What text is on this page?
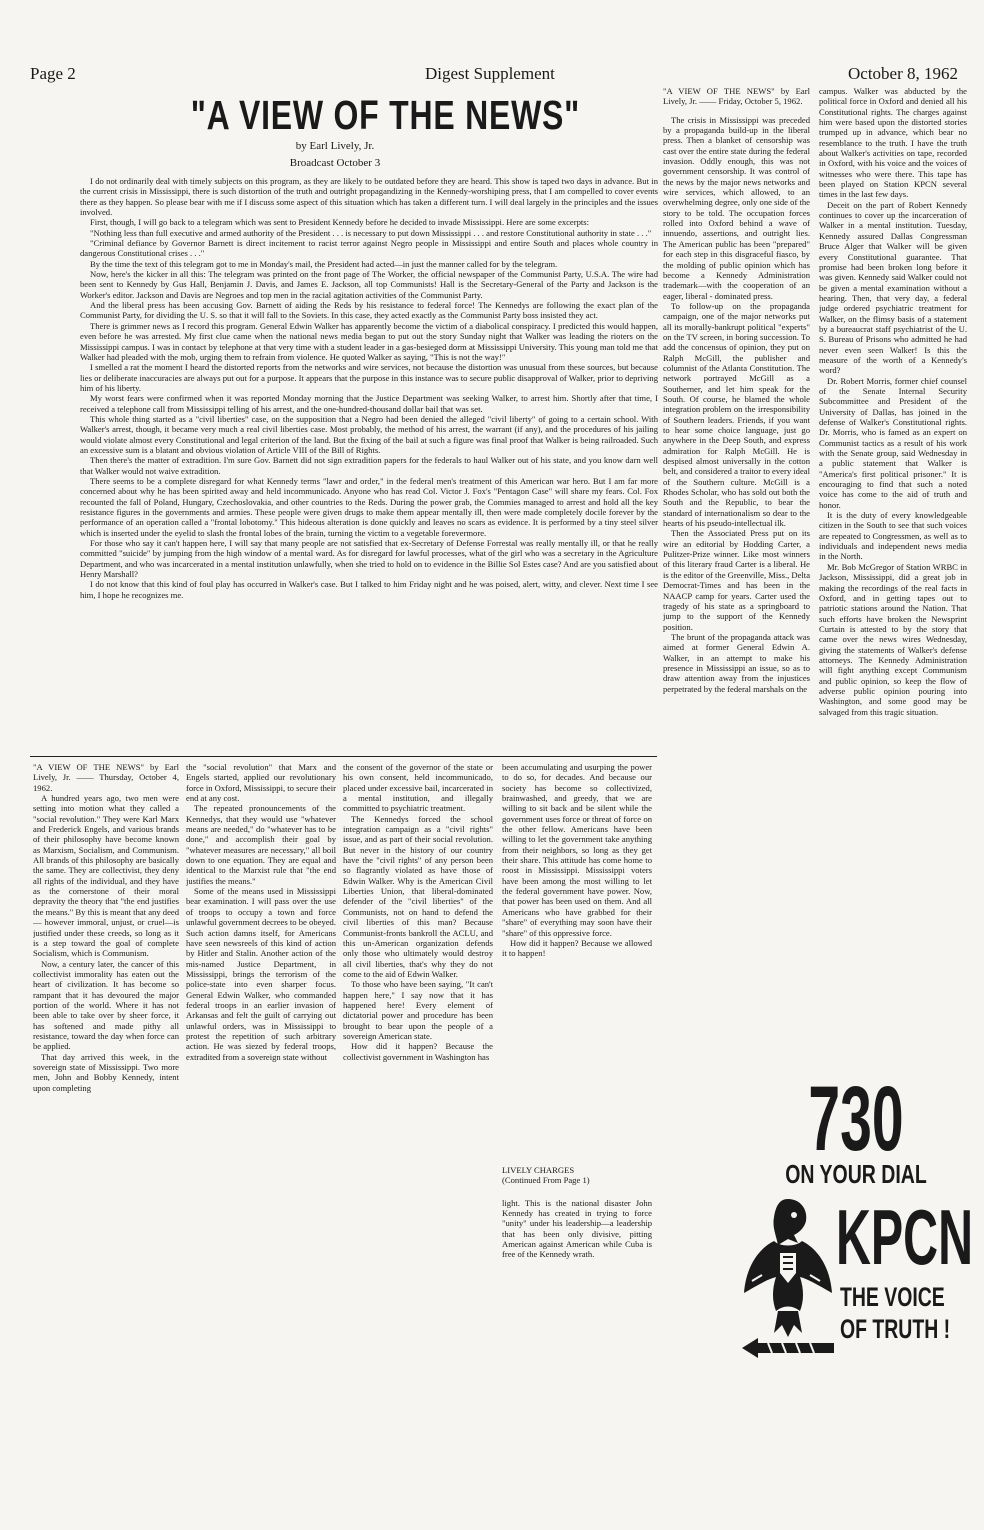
Page 2	Digest Supplement	October 8, 1962
"A VIEW OF THE NEWS"
by Earl Lively, Jr.
Broadcast October 3

I do not ordinarily deal with timely subjects on this program, as they are likely to be outdated before they are heard. This show is taped two days in advance. But in the current crisis in Mississippi, there is such distortion of the truth and outright propagandizing in the Kennedy-worshiping press, that I am compelled to cover events there as they happen. So please bear with me if I discuss some aspect of this situation which has taken a different turn. I will deal largely in the principles and the issues involved.

First, though, I will go back to a telegram which was sent to President Kennedy before he decided to invade Mississippi. Here are some excerpts:

"Nothing less than full executive and armed authority of the President . . . is necessary to put down Mississippi . . . and restore Constitutional authority in state . . ."

"Criminal defiance by Governor Barnett is direct incitement to racist terror against Negro people in Mississippi and entire South and places whole country in dangerous Constitutional crises . . ."

By the time the text of this telegram got to me in Monday's mail, the President had acted—in just the manner called for by the telegram.

Now, here's the kicker in all this: The telegram was printed on the front page of The Worker, the official newspaper of the Communist Party, U.S.A. The wire had been sent to Kennedy by Gus Hall, Benjamin J. Davis, and James E. Jackson, all top Communists! Hall is the Secretary-General of the Party and Jackson is the Worker's editor. Jackson and Davis are Negroes and top men in the racial agitation activities of the Communist Party.

And the liberal press has been accusing Gov. Barnett of aiding the Reds by his resistance to federal force! The Kennedys are following the exact plan of the Communist Party, for dividing the U. S. so that it will fall to the Soviets. In this case, they acted exactly as the Communist Party boss insisted they act.

There is grimmer news as I record this program. General Edwin Walker has apparently become the victim of a diabolical conspiracy. I predicted this would happen, even before he was arrested. My first clue came when the national news media began to put out the story Sunday night that Walker was leading the rioters on the Mississippi campus. I was in contact by telephone at that very time with a student leader in a gas-besieged dorm at Mississippi University. This young man told me that Walker had pleaded with the mob, urging them to refrain from violence. He quoted Walker as saying, "This is not the way!"

I smelled a rat the moment I heard the distorted reports from the networks and wire services, not because the distortion was unusual from these sources, but because lies or deliberate inaccuracies are always put out for a purpose. It appears that the purpose in this instance was to secure public disapproval of Walker, prior to depriving him of his liberty.

My worst fears were confirmed when it was reported Monday morning that the Justice Department was seeking Walker, to arrest him. Shortly after that time, I received a telephone call from Mississippi telling of his arrest, and the one-hundred-thousand dollar bail that was set.

This whole thing started as a "civil liberties" case, on the supposition that a Negro had been denied the alleged "civil liberty" of going to a certain school. With Walker's arrest, though, it became very much a real civil liberties case. Most probably, the method of his arrest, the warrant (if any), and the procedures of his jailing would violate almost every Constitutional and legal criterion of the land. But the fixing of the bail at such a figure was final proof that Walker is being railroaded. Such an excessive sum is a blatant and obvious violation of Article VIII of the Bill of Rights.

Then there's the matter of extradition. I'm sure Gov. Barnett did not sign extradition papers for the federals to haul Walker out of his state, and you know darn well that Walker would not waive extradition.

There seems to be a complete disregard for what Kennedy terms "lawr and order," in the federal men's treatment of this American war hero. But I am far more concerned about why he has been spirited away and held incommunicado. Anyone who has read Col. Victor J. Fox's "Pentagon Case" will share my fears. Col. Fox recounted the fall of Poland, Hungary, Czechoslovakia, and other countries to the Reds. During the power grab, the Commies managed to arrest and hold all the key resistance figures in the governments and armies. These people were given drugs to make them appear mentally ill, then were made completely docile forever by the performance of an operation called a "frontal lobotomy." This hideous alteration is done quickly and leaves no scars as evidence. It is performed by a tiny steel silver which is inserted under the eyelid to slash the frontal lobes of the brain, turning the victim to a vegetable forevermore.

For those who say it can't happen here, I will say that many people are not satisfied that ex-Secretary of Defense Forrestal was really mentally ill, or that he really committed "suicide" by jumping from the high window of a mental ward. As for disregard for lawful processes, what of the girl who was a secretary in the Agriculture Department, and who was incarcerated in a mental institution unlawfully, when she tried to hold on to evidence in the Billie Sol Estes case? And are you satisfied about Henry Marshall?

I do not know that this kind of foul play has occurred in Walker's case. But I talked to him Friday night and he was poised, alert, witty, and clever. Next time I see him, I hope he recognizes me.

"A VIEW OF THE NEWS" by Earl Lively, Jr. —— Friday, October 5, 1962.

The crisis in Mississippi was preceded by a propaganda build-up in the liberal press. Then a blanket of censorship was cast over the entire state during the federal invasion. Oddly enough, this was not government censorship. It was control of the news by the major news networks and wire services, which allowed, to an overwhelming degree, only one side of the story to be told. The occupation forces rolled into Oxford behind a wave of innuendo, assertions, and outright lies. The American public has been "prepared" for each step in this disgraceful fiasco, by the molding of public opinion which has become a Kennedy Administration trademark—with the cooperation of an eager, liberal - dominated press.

To follow-up on the propaganda campaign, one of the major networks put all its morally-bankrupt political "experts" on the TV screen, in boring succession. To add the concensus of opinion, they put on Ralph McGill, the publisher and columnist of the Atlanta Constitution. The network portrayed McGill as a Southerner, and let him speak for the South. Of course, he blamed the whole integration problem on the irresponsibility of Southern leaders. Friends, if you want to hear some choice language, just go anywhere in the Deep South, and express admiration for Ralph McGill. He is despised almost universally in the cotton belt, and considered a traitor to every ideal of the Southern culture. McGill is a Rhodes Scholar, who has sold out both the South and the Republic, to bear the standard of internationalism so dear to the hearts of his pseudo-intellectual ilk.

Then the Associated Press put on its wire an editorial by Hodding Carter, a Pulitzer-Prize winner. Like most winners of this literary fraud Carter is a liberal. He is the editor of the Greenville, Miss., Delta Democrat-Times and has been in the NAACP camp for years. Carter used the tragedy of his state as a springboard to jump to the support of the Kennedy position.

The brunt of the propaganda attack was aimed at former General Edwin A. Walker, in an attempt to make his presence in Mississippi an issue, so as to draw attention away from the injustices perpetrated by the federal marshals on the

campus. Walker was abducted by the political force in Oxford and denied all his Constitutional rights. The charges against him were based upon the distorted stories trumped up in advance, which bear no resemblance to the truth. I have the truth about Walker's activities on tape, recorded in Oxford, with his voice and the voices of witnesses who were there. This tape has been played on Station KPCN several times in the last few days.

Deceit on the part of Robert Kennedy continues to cover up the incarceration of Walker in a mental institution. Tuesday, Kennedy assured Dallas Congressman Bruce Alger that Walker will be given every Constitutional guarantee. That promise had been broken long before it was given. Kennedy said Walker could not be given a mental examination without a hearing. Then, that very day, a federal judge ordered psychiatric treatment for Walker, on the flimsy basis of a statement by a bureaucrat staff psychiatrist of the U. S. Bureau of Prisons who admitted he had never even seen Walker! Is this the measure of the worth of a Kennedy's word?

Dr. Robert Morris, former chief counsel of the Senate Internal Security Subcommittee and President of the University of Dallas, has joined in the defense of Walker's Constitutional rights. Dr. Morris, who is famed as an expert on Communist tactics as a result of his work with the Senate group, said Wednesday in a public statement that Walker is "America's first political prisoner." It is encouraging to find that such a noted voice has come to the aid of truth and honor.

It is the duty of every knowledgeable citizen in the South to see that such voices are repeated to Congressmen, as well as to individuals and independent news media in the North.

Mr. Bob McGregor of Station WRBC in Jackson, Mississippi, did a great job in making the recordings of the real facts in Oxford, and in getting tapes out to patriotic stations around the Nation. That such efforts have broken the Newsprint Curtain is attested to by the story that came over the news wires Wednesday, giving the statements of Walker's defense attorneys. The Kennedy Administration will fight anything except Communism and public opinion, so keep the flow of adverse public opinion pouring into Washington, and some good may be salvaged from this tragic situation.

"A VIEW OF THE NEWS" by Earl Lively, Jr. —— Thursday, October 4, 1962.

A hundred years ago, two men were setting into motion what they called a "social revolution." They were Karl Marx and Frederick Engels, and various brands of their philosophy have become known as Marxism, Socialism, and Communism. All brands of this philosophy are basically the same. They are collectivist, they deny all rights of the individual, and they have as the cornerstone of their moral depravity the theory that "the end justifies the means." By this is meant that any deed — however immoral, unjust, or cruel—is justified under these creeds, so long as it is a step toward the goal of complete Socialism, which is Communism.

Now, a century later, the cancer of this collectivist immorality has eaten out the heart of civilization. It has become so rampant that it has devoured the major portion of the world. Where it has not been able to take over by sheer force, it has softened and made pithy all resistance, toward the day when force can be applied.

That day arrived this week, in the sovereign state of Mississippi. Two more men, John and Bobby Kennedy, intent upon completing

the "social revolution" that Marx and Engels started, applied our revolutionary force in Oxford, Mississippi, to secure their end at any cost.

The repeated pronouncements of the Kennedys, that they would use "whatever means are needed," do "whatever has to be done," and accomplish their goal by "whatever measures are necessary," all boil down to one equation. They are equal and identical to the Marxist rule that "the end justifies the means."

Some of the means used in Mississippi bear examination. I will pass over the use of troops to occupy a town and force unlawful government decrees to be obeyed. Such action damns itself, for Americans have seen newsreels of this kind of action by Hitler and Stalin. Another action of the mis-named Justice Department, in Mississippi, brings the terrorism of the police-state into even sharper focus. General Edwin Walker, who commanded federal troops in an earlier invasion of Arkansas and felt the guilt of carrying out unlawful orders, was in Mississippi to protest the repetition of such arbitrary action. He was siezed by federal troops, extradited from a sovereign state without

the consent of the governor of the state or his own consent, held incommunicado, placed under excessive bail, incarcerated in a mental institution, and illegally committed to psychiatric treatment.

The Kennedys forced the school integration campaign as a "civil rights" issue, and as part of their social revolution. But never in the history of our country have the "civil rights" of any person been so flagrantly violated as have those of Edwin Walker. Why is the American Civil Liberties Union, that liberal-dominated defender of the "civil liberties" of the Communists, not on hand to defend the civil liberties of this man? Because Communist-fronts bankroll the ACLU, and this un-American organization defends only those who ultimately would destroy all civil liberties, that's why they do not come to the aid of Edwin Walker.

To those who have been saying, "It can't happen here," I say now that it has happened here! Every element of dictatorial power and procedure has been brought to bear upon the people of a sovereign American state.

How did it happen? Because the collectivist government in Washington has

been accumulating and usurping the power to do so, for decades. And because our society has become so collectivized, brainwashed, and greedy, that we are willing to sit back and be silent while the government uses force or threat of force on the other fellow. Americans have been willing to let the government take anything from their neighbors, so long as they get their share. This attitude has come home to roost in Mississippi. Mississippi voters have been among the most willing to let the federal government have power. Now, that power has been used on them. And all Americans who have grabbed for their "share" of everything may soon have their "share" of this oppressive force.

How did it happen? Because we allowed it to happen!

LIVELY CHARGES

(Continued From Page 1)

light. This is the national disaster John Kennedy has created in trying to force "unity" under his leadership—a leadership that has been only divisive, pitting American against American while Cuba is free of the Kennedy wrath.

730
ON YOUR DIAL
KPCN
THE VOICE
OF TRUTH !
